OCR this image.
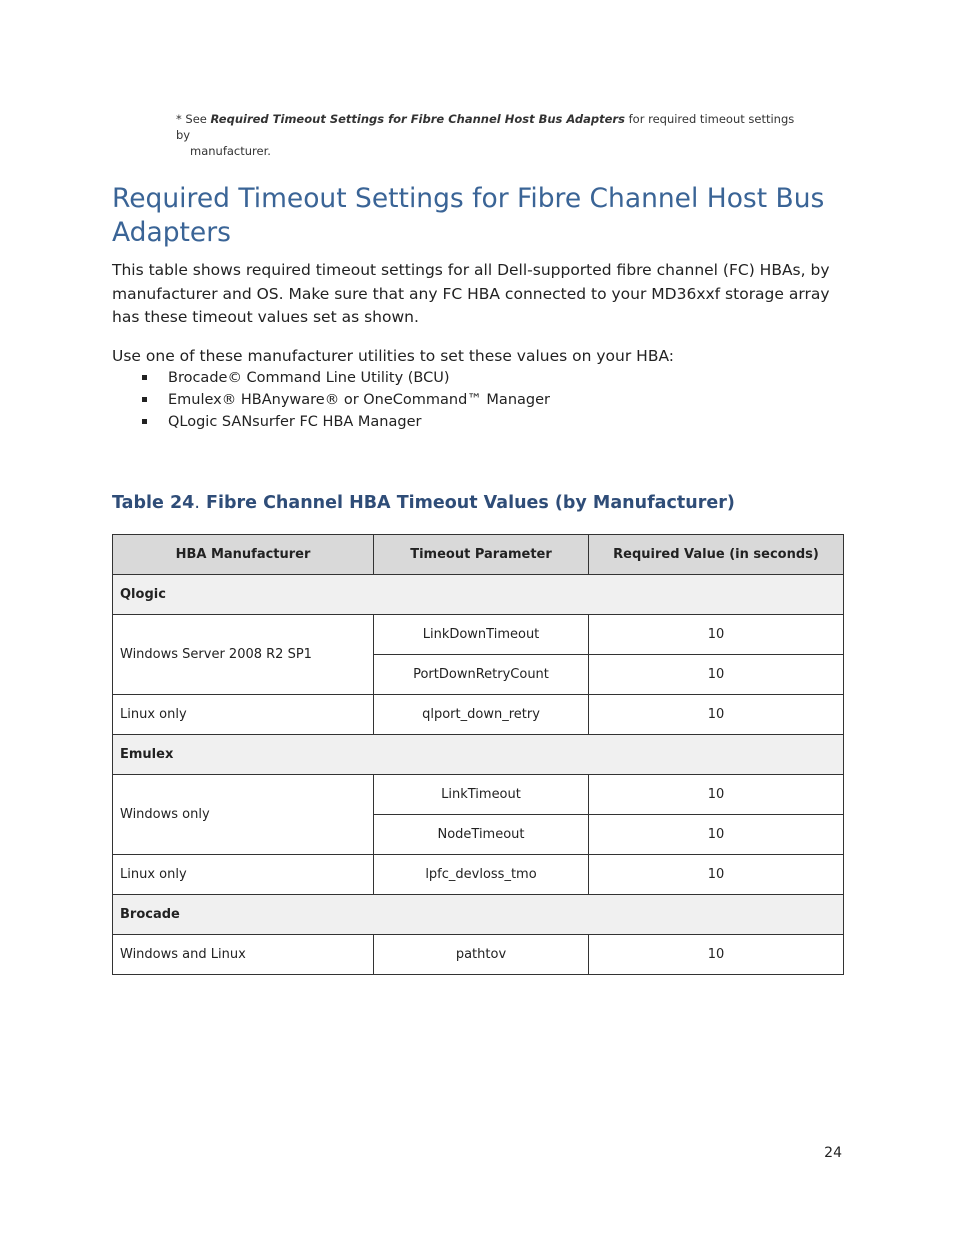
* See Required Timeout Settings for Fibre Channel Host Bus Adapters for required timeout settings by
manufacturer.
Required Timeout Settings for Fibre Channel Host Bus Adapters

This table shows required timeout settings for all Dell-supported fibre channel (FC) HBAs, by manufacturer and OS. Make sure that any FC HBA connected to your MD36xxf storage array has these timeout values set as shown.

Use one of these manufacturer utilities to set these values on your HBA:

Brocade© Command Line Utility (BCU)
Emulex® HBAnyware® or OneCommand™ Manager
QLogic SANsurfer FC HBA Manager
Table 24. Fibre Channel HBA Timeout Values (by Manufacturer)
HBA Manufacturer	Timeout Parameter	Required Value (in seconds)
Qlogic		
Windows Server 2008 R2 SP1	LinkDownTimeout	10
	PortDownRetryCount	10
Linux only	qlport_down_retry	10
Emulex		
Windows only	LinkTimeout	10
	NodeTimeout	10
Linux only	lpfc_devloss_tmo	10
Brocade		
Windows and Linux	pathtov	10
24
